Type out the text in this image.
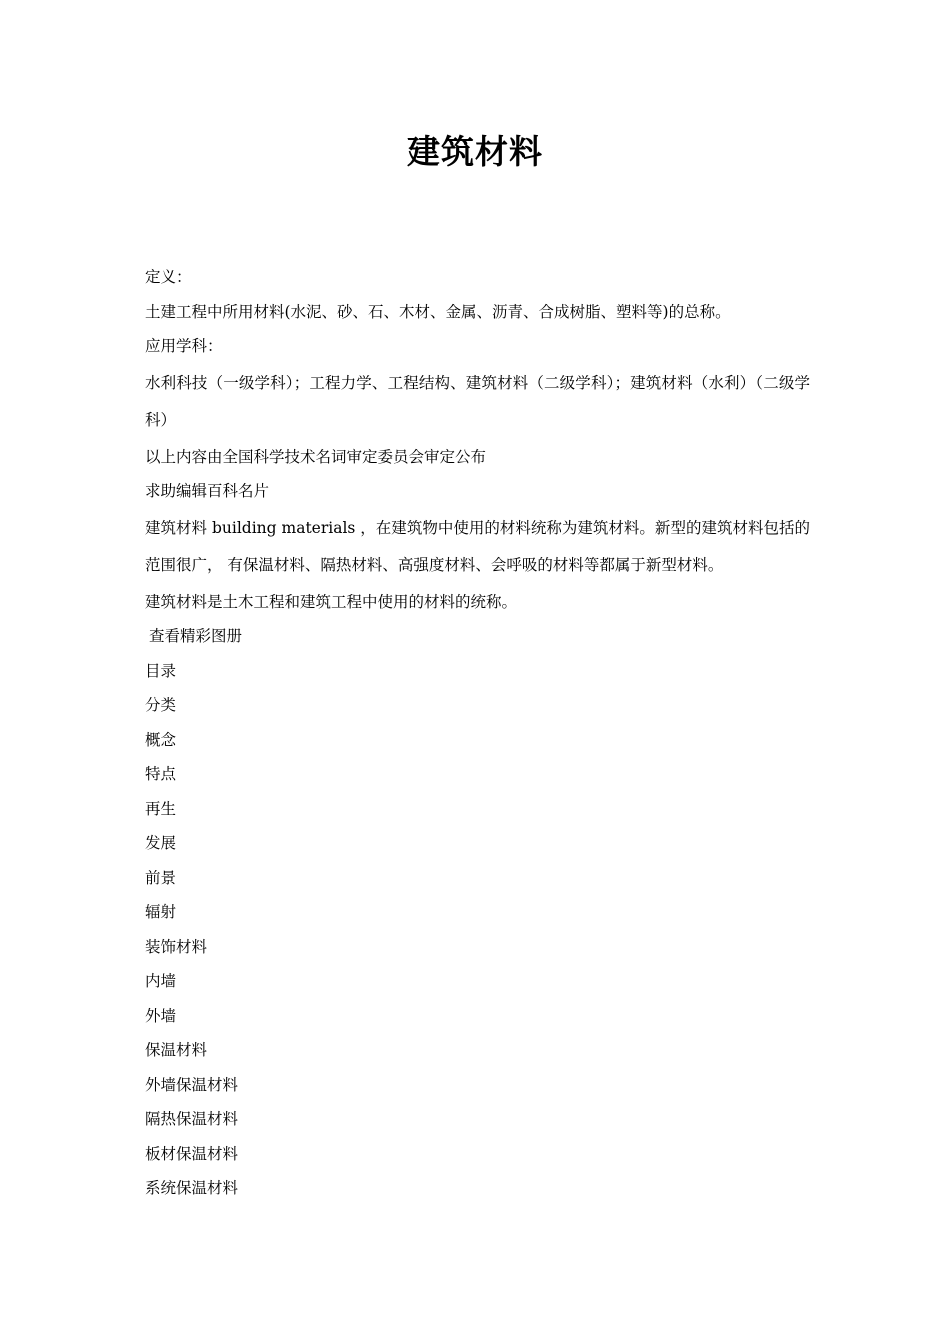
建筑材料

定义：

土建工程中所用材料(水泥、砂、石、木材、金属、沥青、合成树脂、塑料等)的总称。

应用学科：

水利科技（一级学科）；工程力学、工程结构、建筑材料（二级学科）；建筑材料（水利）（二级学科）

以上内容由全国科学技术名词审定委员会审定公布

求助编辑百科名片

建筑材料 building materials ，在建筑物中使用的材料统称为建筑材料。新型的建筑材料包括的范围很广， 有保温材料、隔热材料、高强度材料、会呼吸的材料等都属于新型材料。

建筑材料是土木工程和建筑工程中使用的材料的统称。

查看精彩图册

目录

分类

概念

特点

再生

发展

前景

辐射

装饰材料

内墙

外墙

保温材料

外墙保温材料

隔热保温材料

板材保温材料

系统保温材料
